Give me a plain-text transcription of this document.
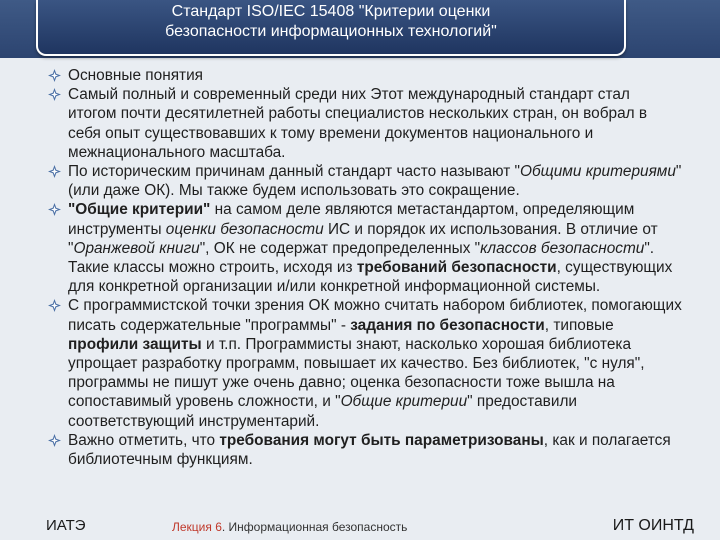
Стандарт ISO/IEC 15408 "Критерии оценки
безопасности информационных технологий"
Основные понятия
Самый полный и современный среди них Этот международный стандарт стал итогом почти десятилетней работы специалистов нескольких стран, он вобрал в себя опыт существовавших к тому времени документов национального и межнационального масштаба.
По историческим причинам данный стандарт часто называют "Общими критериями" (или даже ОК). Мы также будем использовать это сокращение.
"Общие критерии" на самом деле являются метастандартом, определяющим инструменты оценки безопасности ИС и порядок их использования. В отличие от "Оранжевой книги", ОК не содержат предопределенных "классов безопасности". Такие классы можно строить, исходя из требований безопасности, существующих для конкретной организации и/или конкретной информационной системы.
С программистской точки зрения ОК можно считать набором библиотек, помогающих писать содержательные "программы" - задания по безопасности, типовые профили защиты и т.п. Программисты знают, насколько хорошая библиотека упрощает разработку программ, повышает их качество. Без библиотек, "с нуля", программы не пишут уже очень давно; оценка безопасности тоже вышла на сопоставимый уровень сложности, и "Общие критерии" предоставили соответствующий инструментарий.
Важно отметить, что требования могут быть параметризованы, как и полагается библиотечным функциям.
ИАТЭ	Лекция 6. Информационная безопасность	ИТ ОИНТД
